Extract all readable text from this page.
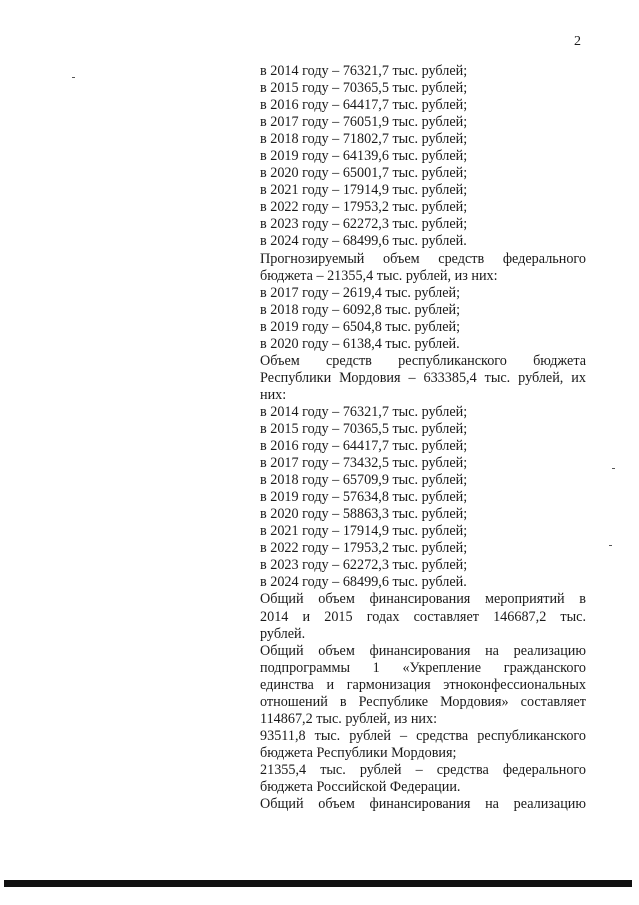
2
в 2014 году – 76321,7 тыс. рублей;
в 2015 году – 70365,5 тыс. рублей;
в 2016 году – 64417,7 тыс. рублей;
в 2017 году – 76051,9 тыс. рублей;
в 2018 году – 71802,7 тыс. рублей;
в 2019 году – 64139,6 тыс. рублей;
в 2020 году – 65001,7 тыс. рублей;
в 2021 году – 17914,9 тыс. рублей;
в 2022 году – 17953,2 тыс. рублей;
в 2023 году – 62272,3 тыс. рублей;
в 2024 году – 68499,6 тыс. рублей.
Прогнозируемый объем средств федерального
бюджета – 21355,4 тыс. рублей, из них:
в 2017 году – 2619,4 тыс. рублей;
в 2018 году – 6092,8 тыс. рублей;
в 2019 году – 6504,8 тыс. рублей;
в 2020 году – 6138,4 тыс. рублей.
Объем средств республиканского бюджета
Республики Мордовия – 633385,4 тыс. рублей, их
них:
в 2014 году – 76321,7 тыс. рублей;
в 2015 году – 70365,5 тыс. рублей;
в 2016 году – 64417,7 тыс. рублей;
в 2017 году – 73432,5 тыс. рублей;
в 2018 году – 65709,9 тыс. рублей;
в 2019 году – 57634,8 тыс. рублей;
в 2020 году – 58863,3 тыс. рублей;
в 2021 году – 17914,9 тыс. рублей;
в 2022 году – 17953,2 тыс. рублей;
в 2023 году – 62272,3 тыс. рублей;
в 2024 году – 68499,6 тыс. рублей.
Общий объем финансирования мероприятий в
2014 и 2015 годах составляет 146687,2 тыс.
рублей.
Общий объем финансирования на реализацию
подпрограммы 1 «Укрепление гражданского
единства и гармонизация этноконфессиональных
отношений в Республике Мордовия» составляет
114867,2 тыс. рублей, из них:
93511,8 тыс. рублей – средства республиканского
бюджета Республики Мордовия;
21355,4 тыс. рублей – средства федерального
бюджета Российской Федерации.
Общий объем финансирования на реализацию
